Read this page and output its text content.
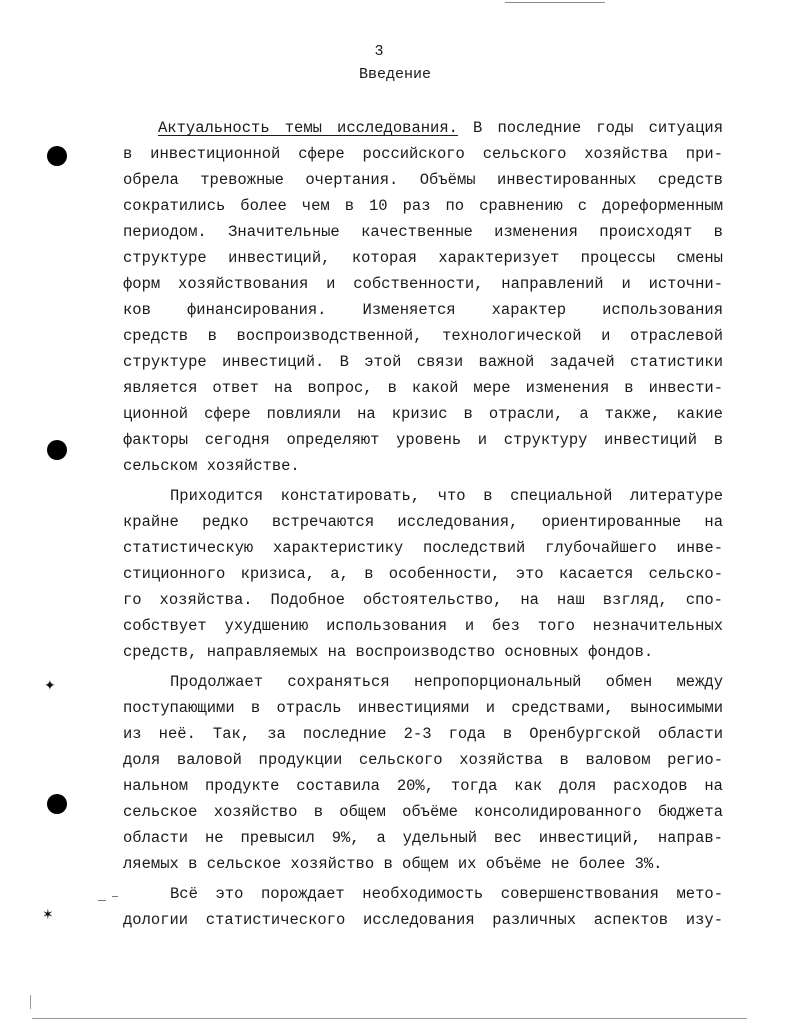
3
Введение
Актуальность темы исследования. В последние годы ситуация
в инвестиционной сфере российского сельского хозяйства при-
обрела тревожные очертания. Объёмы инвестированных средств
сократились более чем в 10 раз по сравнению с дореформенным
периодом. Значительные качественные изменения происходят в
структуре инвестиций, которая характеризует процессы смены
форм хозяйствования и собственности, направлений и источни-
ков финансирования. Изменяется характер использования
средств в воспроизводственной, технологической и отраслевой
структуре инвестиций. В этой связи важной задачей статистики
является ответ на вопрос, в какой мере изменения в инвести-
ционной сфере повлияли на кризис в отрасли, а также, какие
факторы сегодня определяют уровень и структуру инвестиций в
сельском хозяйстве.
Приходится констатировать, что в специальной литературе
крайне редко встречаются исследования, ориентированные на
статистическую характеристику последствий глубочайшего инве-
стиционного кризиса, а, в особенности, это касается сельско-
го хозяйства. Подобное обстоятельство, на наш взгляд, спо-
собствует ухудшению использования и без того незначительных
средств, направляемых на воспроизводство основных фондов.
Продолжает сохраняться непропорциональный обмен между
поступающими в отрасль инвестициями и средствами, выносимыми
из неё. Так, за последние 2-3 года в Оренбургской области
доля валовой продукции сельского хозяйства в валовом регио-
нальном продукте составила 20%, тогда как доля расходов на
сельское хозяйство в общем объёме консолидированного бюджета
области не превысил 9%, а удельный вес инвестиций, направ-
ляемых в сельское хозяйство в общем их объёме не более 3%.
Всё это порождает необходимость совершенствования мето-
дологии статистического исследования различных аспектов изу-
✦
✶
